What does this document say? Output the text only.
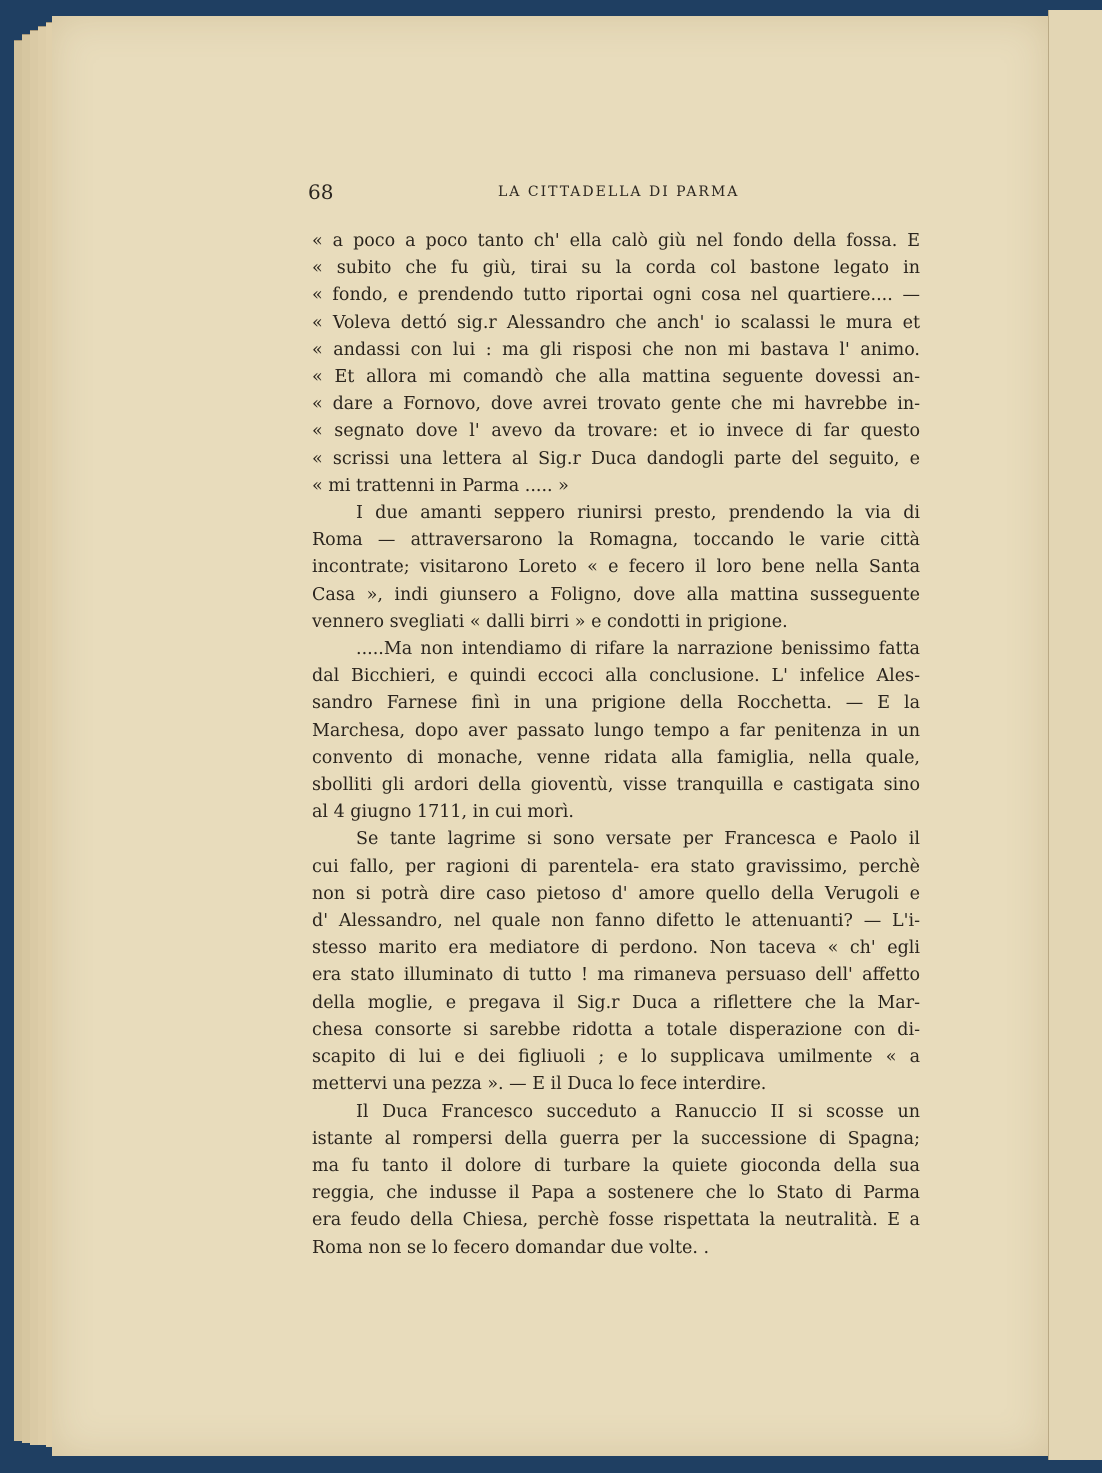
68	LA CITTADELLA DI PARMA
« a poco a poco tanto ch' ella calò giù nel fondo della fossa. E
« subito che fu giù, tirai su la corda col bastone legato in
« fondo, e prendendo tutto riportai ogni cosa nel quartiere.... —
« Voleva dettó sig.r Alessandro che anch' io scalassi le mura et
« andassi con lui : ma gli risposi che non mi bastava l' animo.
« Et allora mi comandò che alla mattina seguente dovessi an-
« dare a Fornovo, dove avrei trovato gente che mi havrebbe in-
« segnato dove l' avevo da trovare: et io invece di far questo
« scrissi una lettera al Sig.r Duca dandogli parte del seguito, e
« mi trattenni in Parma ..... »
I due amanti seppero riunirsi presto, prendendo la via di
Roma — attraversarono la Romagna, toccando le varie città
incontrate; visitarono Loreto « e fecero il loro bene nella Santa
Casa », indi giunsero a Foligno, dove alla mattina susseguente
vennero svegliati « dalli birri » e condotti in prigione.
.....Ma non intendiamo di rifare la narrazione benissimo fatta
dal Bicchieri, e quindi eccoci alla conclusione. L' infelice Ales-
sandro Farnese finì in una prigione della Rocchetta. — E la
Marchesa, dopo aver passato lungo tempo a far penitenza in un
convento di monache, venne ridata alla famiglia, nella quale,
sbolliti gli ardori della gioventù, visse tranquilla e castigata sino
al 4 giugno 1711, in cui morì.
Se tante lagrime si sono versate per Francesca e Paolo il
cui fallo, per ragioni di parentela- era stato gravissimo, perchè
non si potrà dire caso pietoso d' amore quello della Verugoli e
d' Alessandro, nel quale non fanno difetto le attenuanti? — L'i-
stesso marito era mediatore di perdono. Non taceva « ch' egli
era stato illuminato di tutto ! ma rimaneva persuaso dell' affetto
della moglie, e pregava il Sig.r Duca a riflettere che la Mar-
chesa consorte si sarebbe ridotta a totale disperazione con di-
scapito di lui e dei figliuoli ; e lo supplicava umilmente « a
mettervi una pezza ». — E il Duca lo fece interdire.
Il Duca Francesco succeduto a Ranuccio II si scosse un
istante al rompersi della guerra per la successione di Spagna;
ma fu tanto il dolore di turbare la quiete gioconda della sua
reggia, che indusse il Papa a sostenere che lo Stato di Parma
era feudo della Chiesa, perchè fosse rispettata la neutralità. E a
Roma non se lo fecero domandar due volte. .
